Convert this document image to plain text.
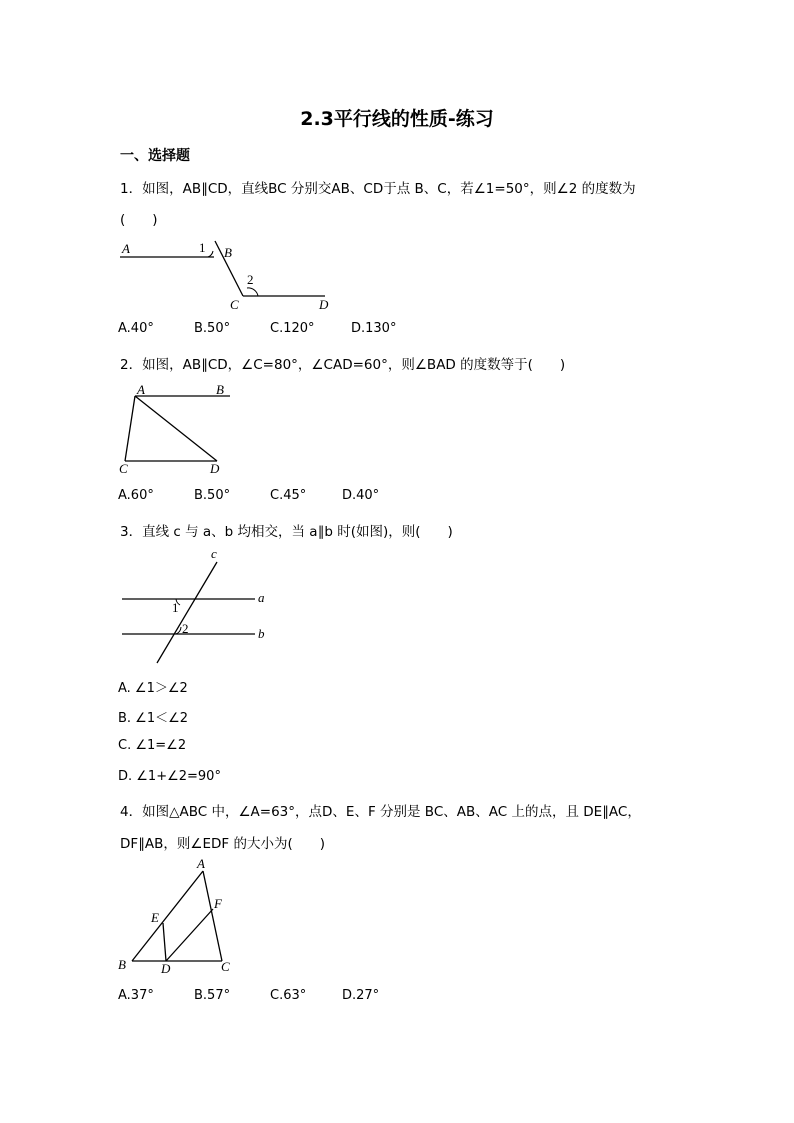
2.3平行线的性质-练习
一、选择题
1．如图，AB∥CD，直线BC 分别交AB、CD于点 B、C，若∠1=50°，则∠2 的度数为
(　　)
A	1 B
2
C	D
A.40°	B.50°	C.120°	D.130°
2．如图，AB∥CD，∠C=80°，∠CAD=60°，则∠BAD 的度数等于(　　)
A	B
C	D
A.60°	B.50°	C.45°	D.40°
3．直线 c 与 a、b 均相交，当 a∥b 时(如图)，则(　　)
c
a
b
1
2
A. ∠1＞∠2
B. ∠1＜∠2
C. ∠1=∠2
D. ∠1+∠2=90°
4．如图△ABC 中，∠A=63°，点D、E、F 分别是 BC、AB、AC 上的点，且 DE∥AC，
DF∥AB，则∠EDF 的大小为(　　)
A
E
F
B	D	C
A.37°	B.57°	C.63°	D.27°
